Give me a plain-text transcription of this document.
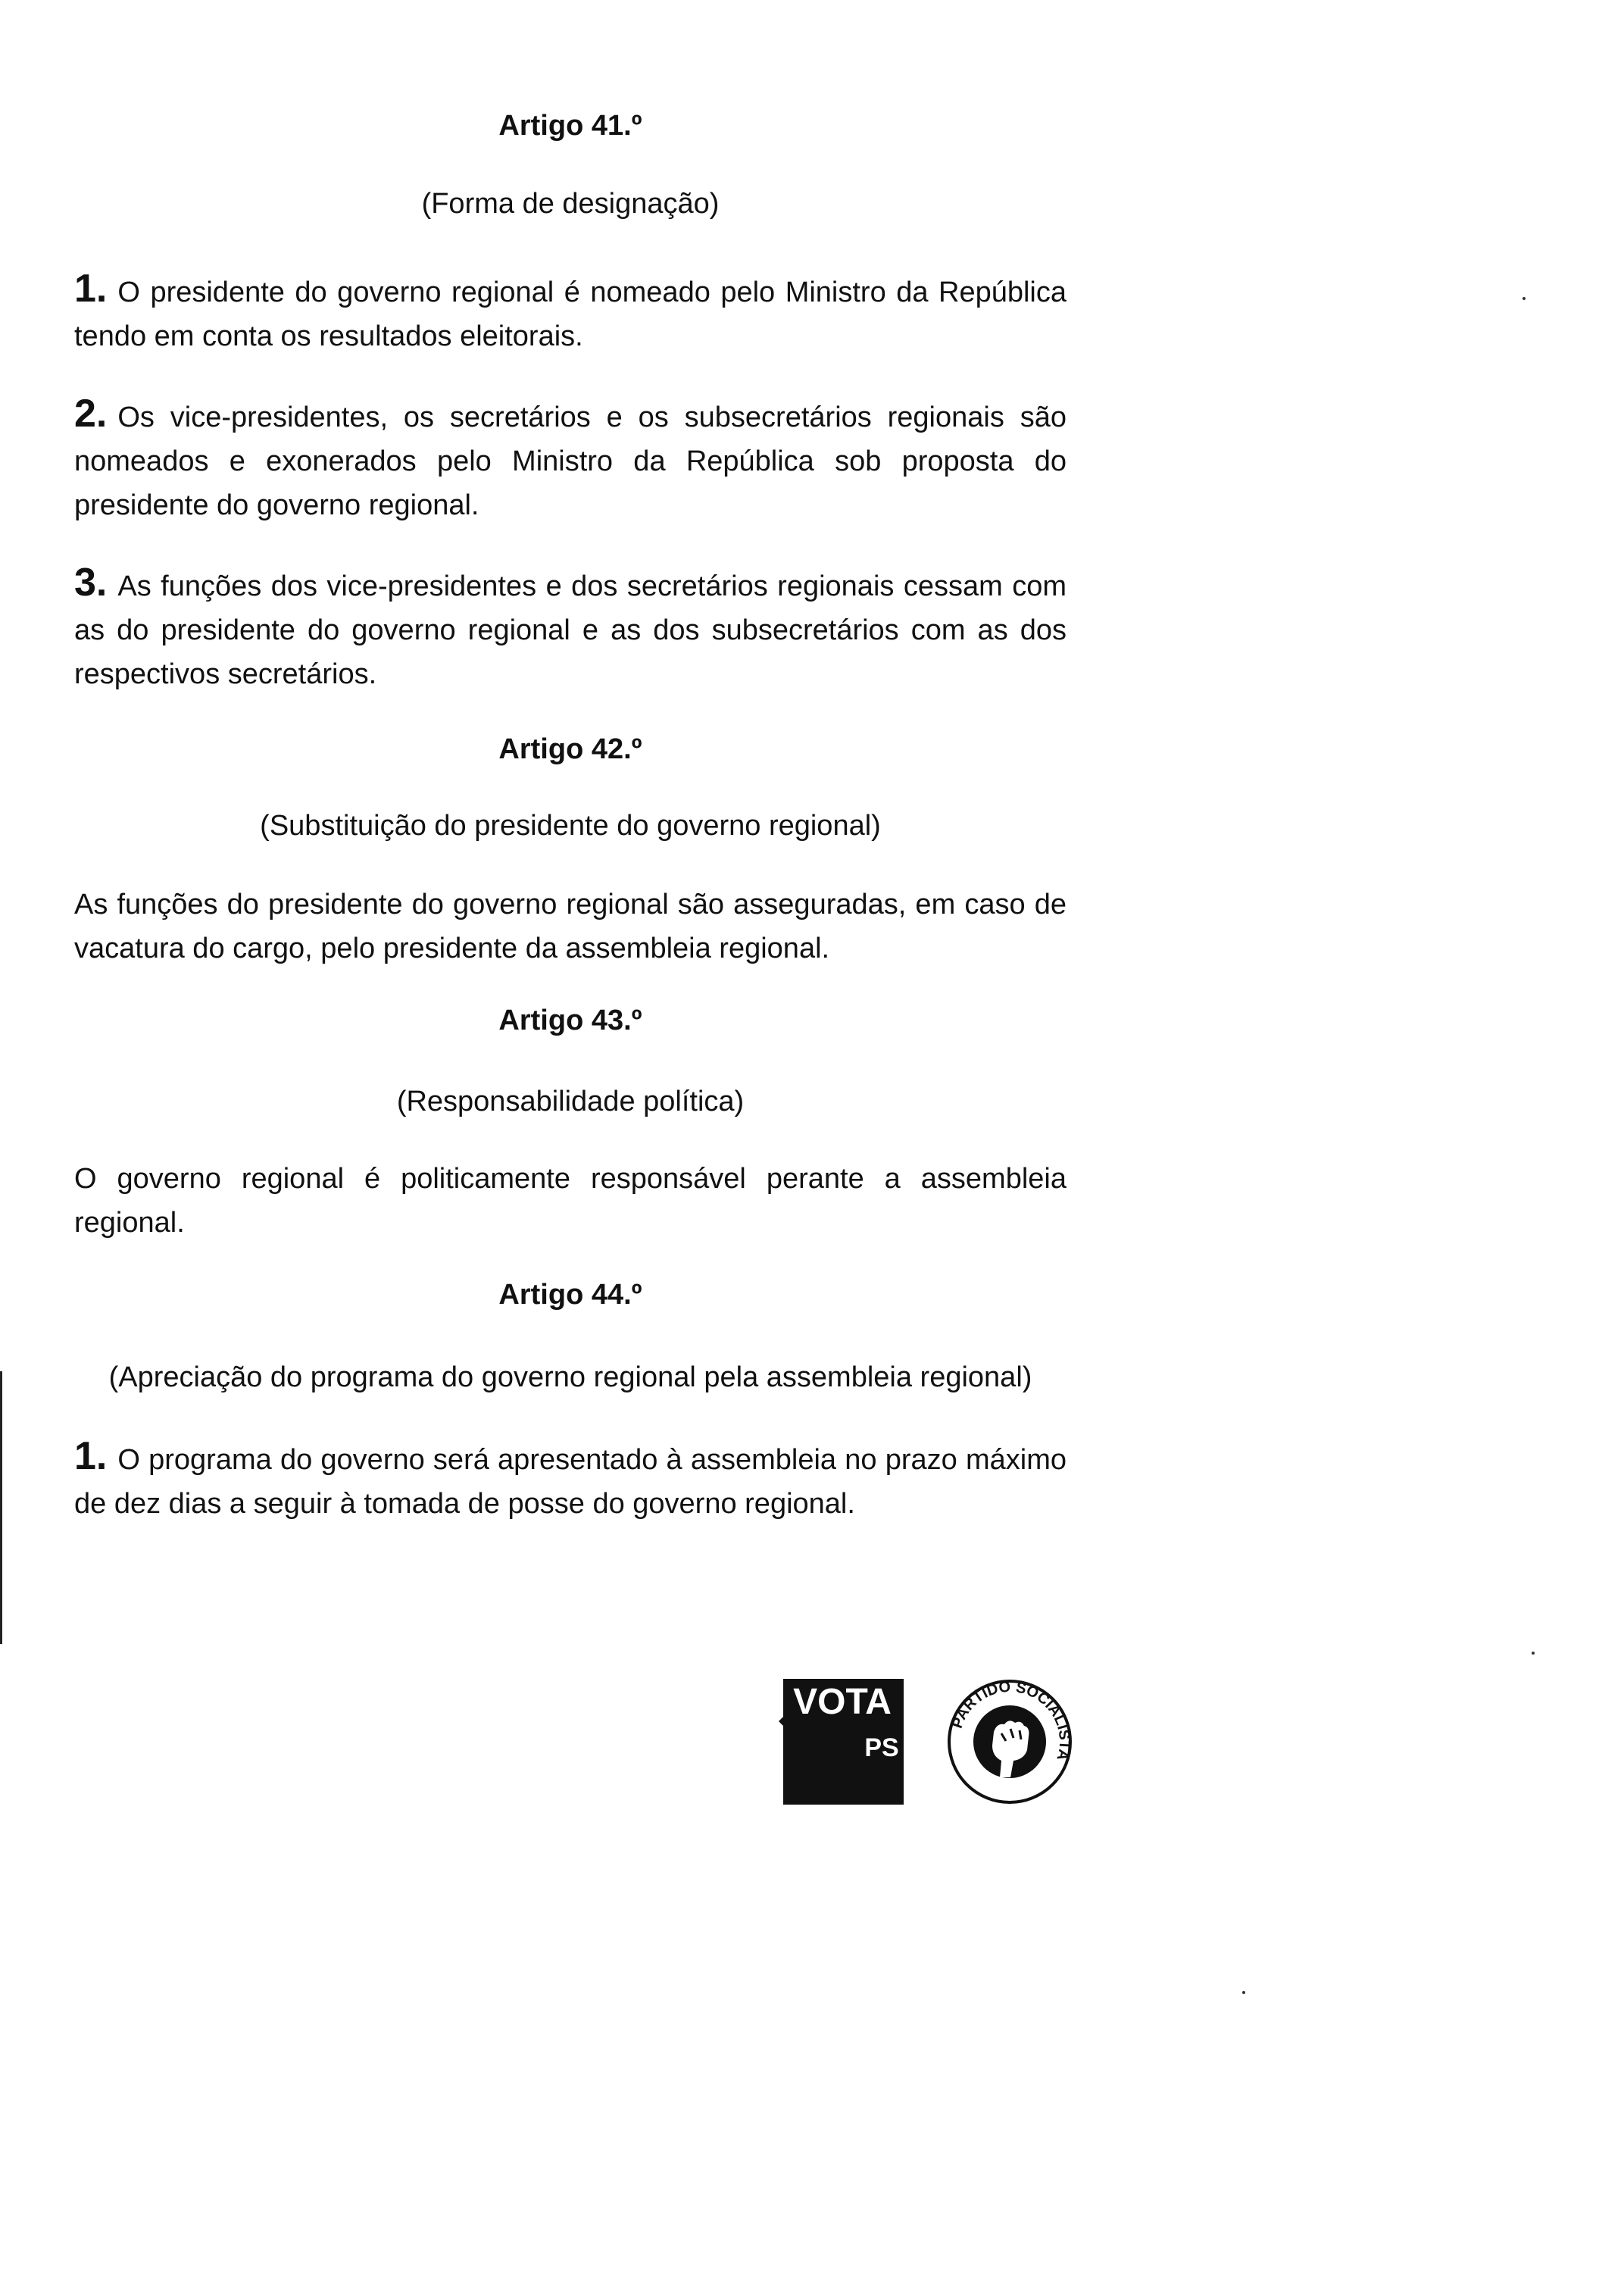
Artigo 41.º

(Forma de designação)

1. O presidente do governo regional é nomeado pelo Ministro da República tendo em conta os resultados eleitorais.

2. Os vice-presidentes, os secretários e os subsecretários regionais são nomeados e exonerados pelo Ministro da República sob proposta do presidente do governo regional.

3. As funções dos vice-presidentes e dos secretários regionais cessam com as do presidente do governo regional e as dos subsecretários com as dos respectivos secretários.

Artigo 42.º

(Substituição do presidente do governo regional)

As funções do presidente do governo regional são asseguradas, em caso de vacatura do cargo, pelo presidente da assembleia regional.

Artigo 43.º

(Responsabilidade política)

O governo regional é politicamente responsável perante a assembleia regional.

Artigo 44.º

(Apreciação do programa do governo regional pela assembleia regional)

1. O programa do governo será apresentado à assembleia no prazo máximo de dez dias a seguir à tomada de posse do governo regional.

VOTA
PS
PARTIDO SOCIALISTA
